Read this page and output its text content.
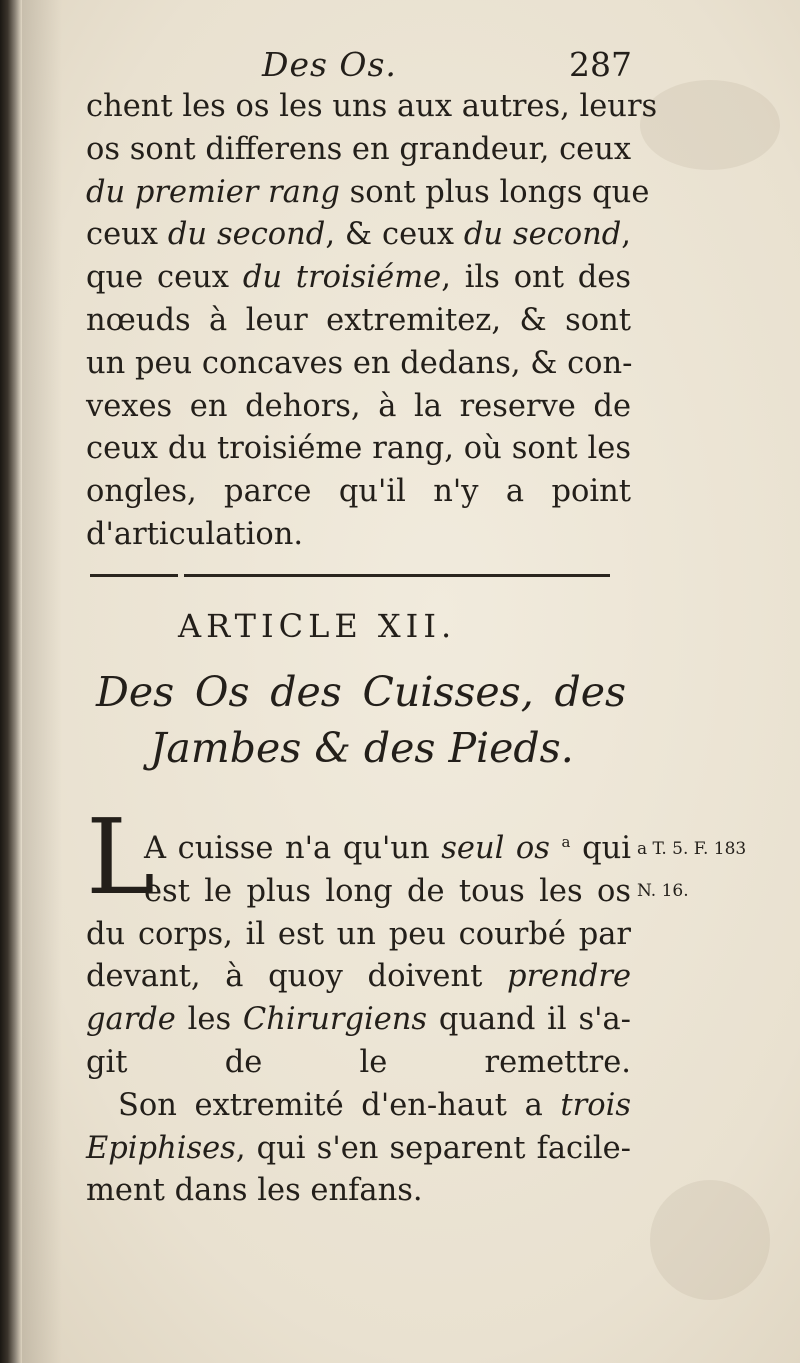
Des Os.	287
chent les os les uns aux autres, leurs
os sont differens en grandeur, ceux
du premier rang sont plus longs que
ceux du second, & ceux du second,
que ceux du troisiéme, ils ont des
nœuds à leur extremitez, & sont
un peu concaves en dedans, & con-
vexes en dehors, à la reserve de
ceux du troisiéme rang, où sont les
ongles, parce qu'il n'y a point
d'articulation.
ARTICLE XII.
Des Os des Cuisses, des
Jambes & des Pieds.
L
A cuisse n'a qu'un seul os $^a$ qui
est le plus long de tous les os
du corps, il est un peu courbé par
devant, à quoy doivent prendre
garde les Chirurgiens quand il s'a-
git de le remettre.
Son extremité d'en-haut a trois
Epiphises, qui s'en separent facile-
ment dans les enfans.
a T. 5. F. 183
N. 16.
